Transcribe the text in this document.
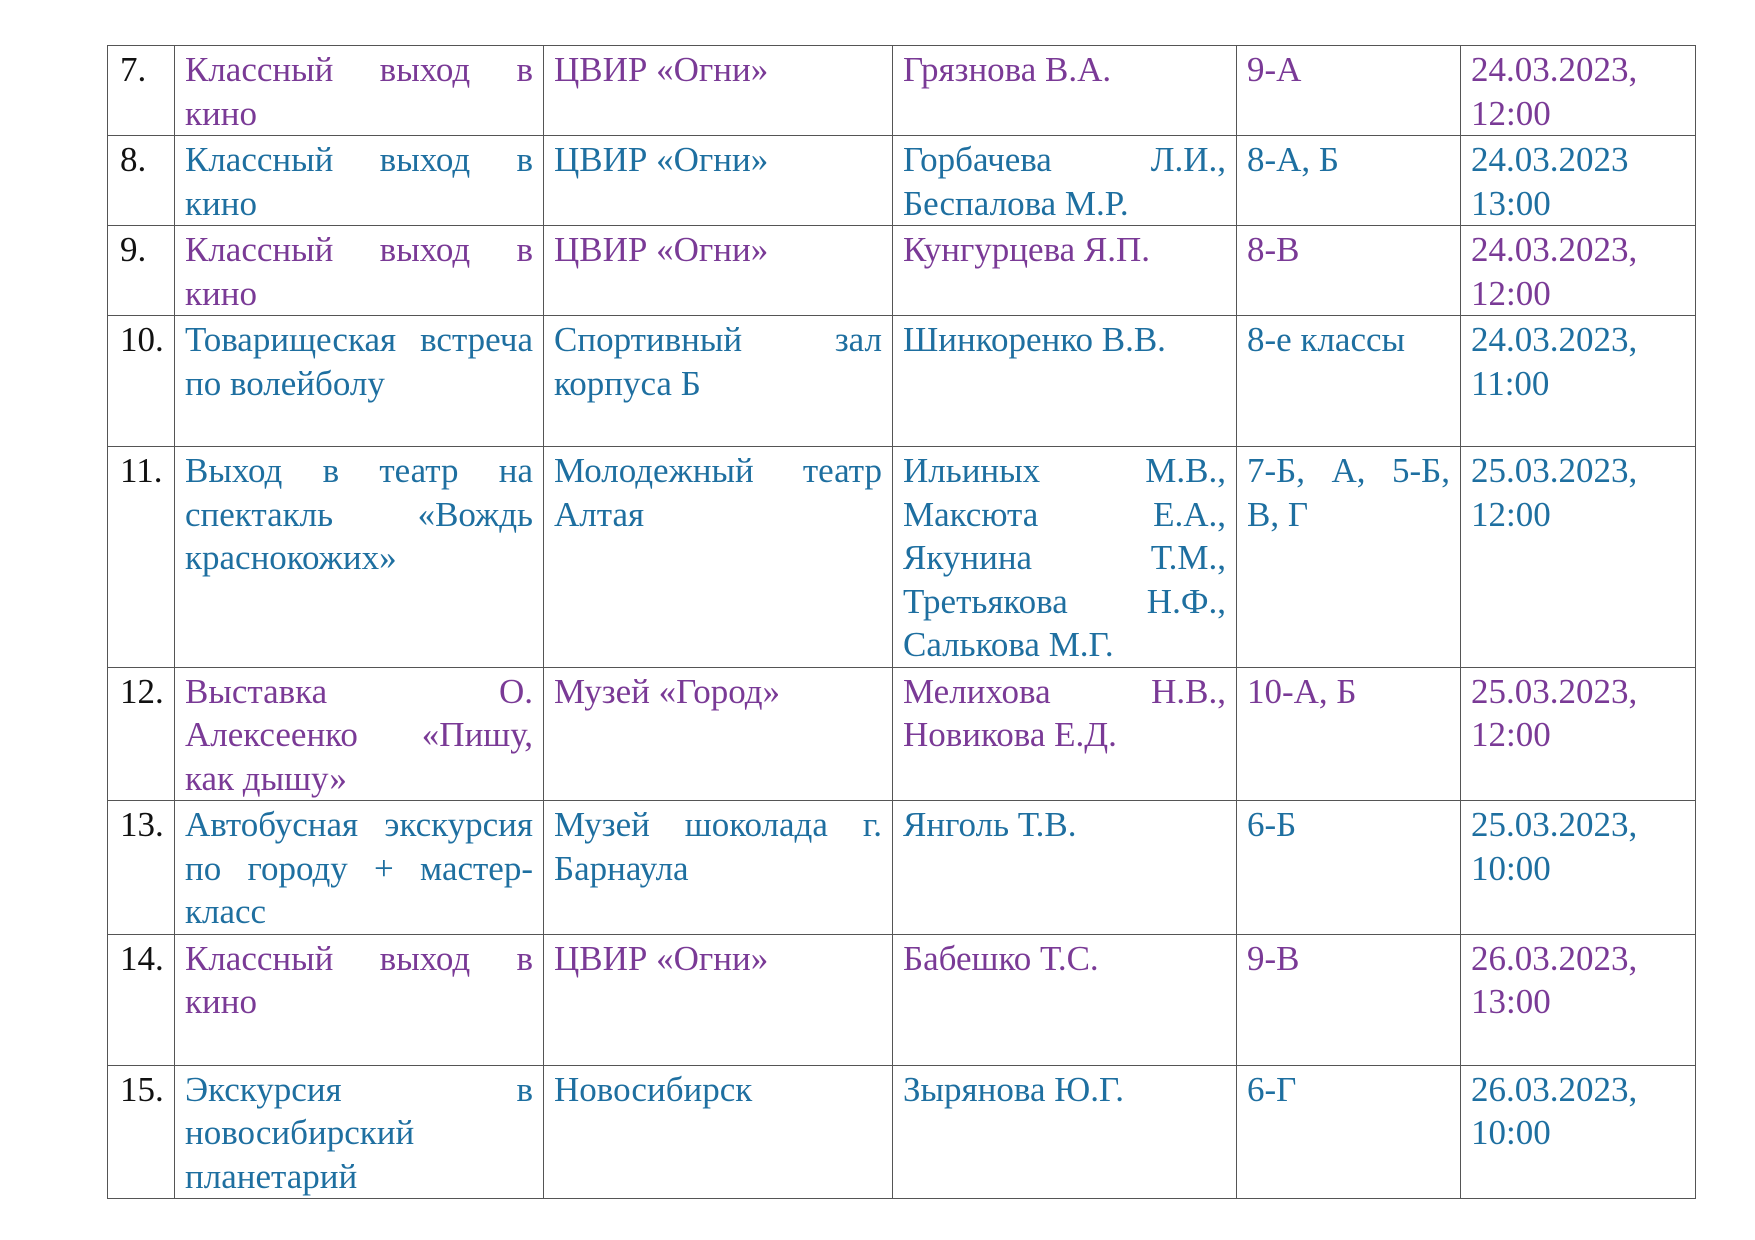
7.	Классный выход в кино	ЦВИР «Огни»	Грязнова В.А.	9-А	24.03.2023, 12:00
8.	Классный выход в кино	ЦВИР «Огни»	Горбачева Л.И., Беспалова М.Р.	8-А, Б	24.03.2023 13:00
9.	Классный выход в кино	ЦВИР «Огни»	Кунгурцева Я.П.	8-В	24.03.2023, 12:00
10.	Товарищеская встреча по волейболу	Спортивный зал корпуса Б	Шинкоренко В.В.	8-е классы	24.03.2023, 11:00
11.	Выход в театр на спектакль «Вождь краснокожих»	Молодежный театр Алтая	Ильиных М.В., Максюта Е.А., Якунина Т.М., Третьякова Н.Ф., Салькова М.Г.	7-Б, А, 5-Б, В, Г	25.03.2023, 12:00
12.	Выставка О. Алексеенко «Пишу, как дышу»	Музей «Город»	Мелихова Н.В., Новикова Е.Д.	10-А, Б	25.03.2023, 12:00
13.	Автобусная экскурсия по городу + мастер-класс	Музей шоколада г. Барнаула	Янголь Т.В.	6-Б	25.03.2023, 10:00
14.	Классный выход в кино	ЦВИР «Огни»	Бабешко Т.С.	9-В	26.03.2023, 13:00
15.	Экскурсия в новосибирский планетарий	Новосибирск	Зырянова Ю.Г.	6-Г	26.03.2023, 10:00
